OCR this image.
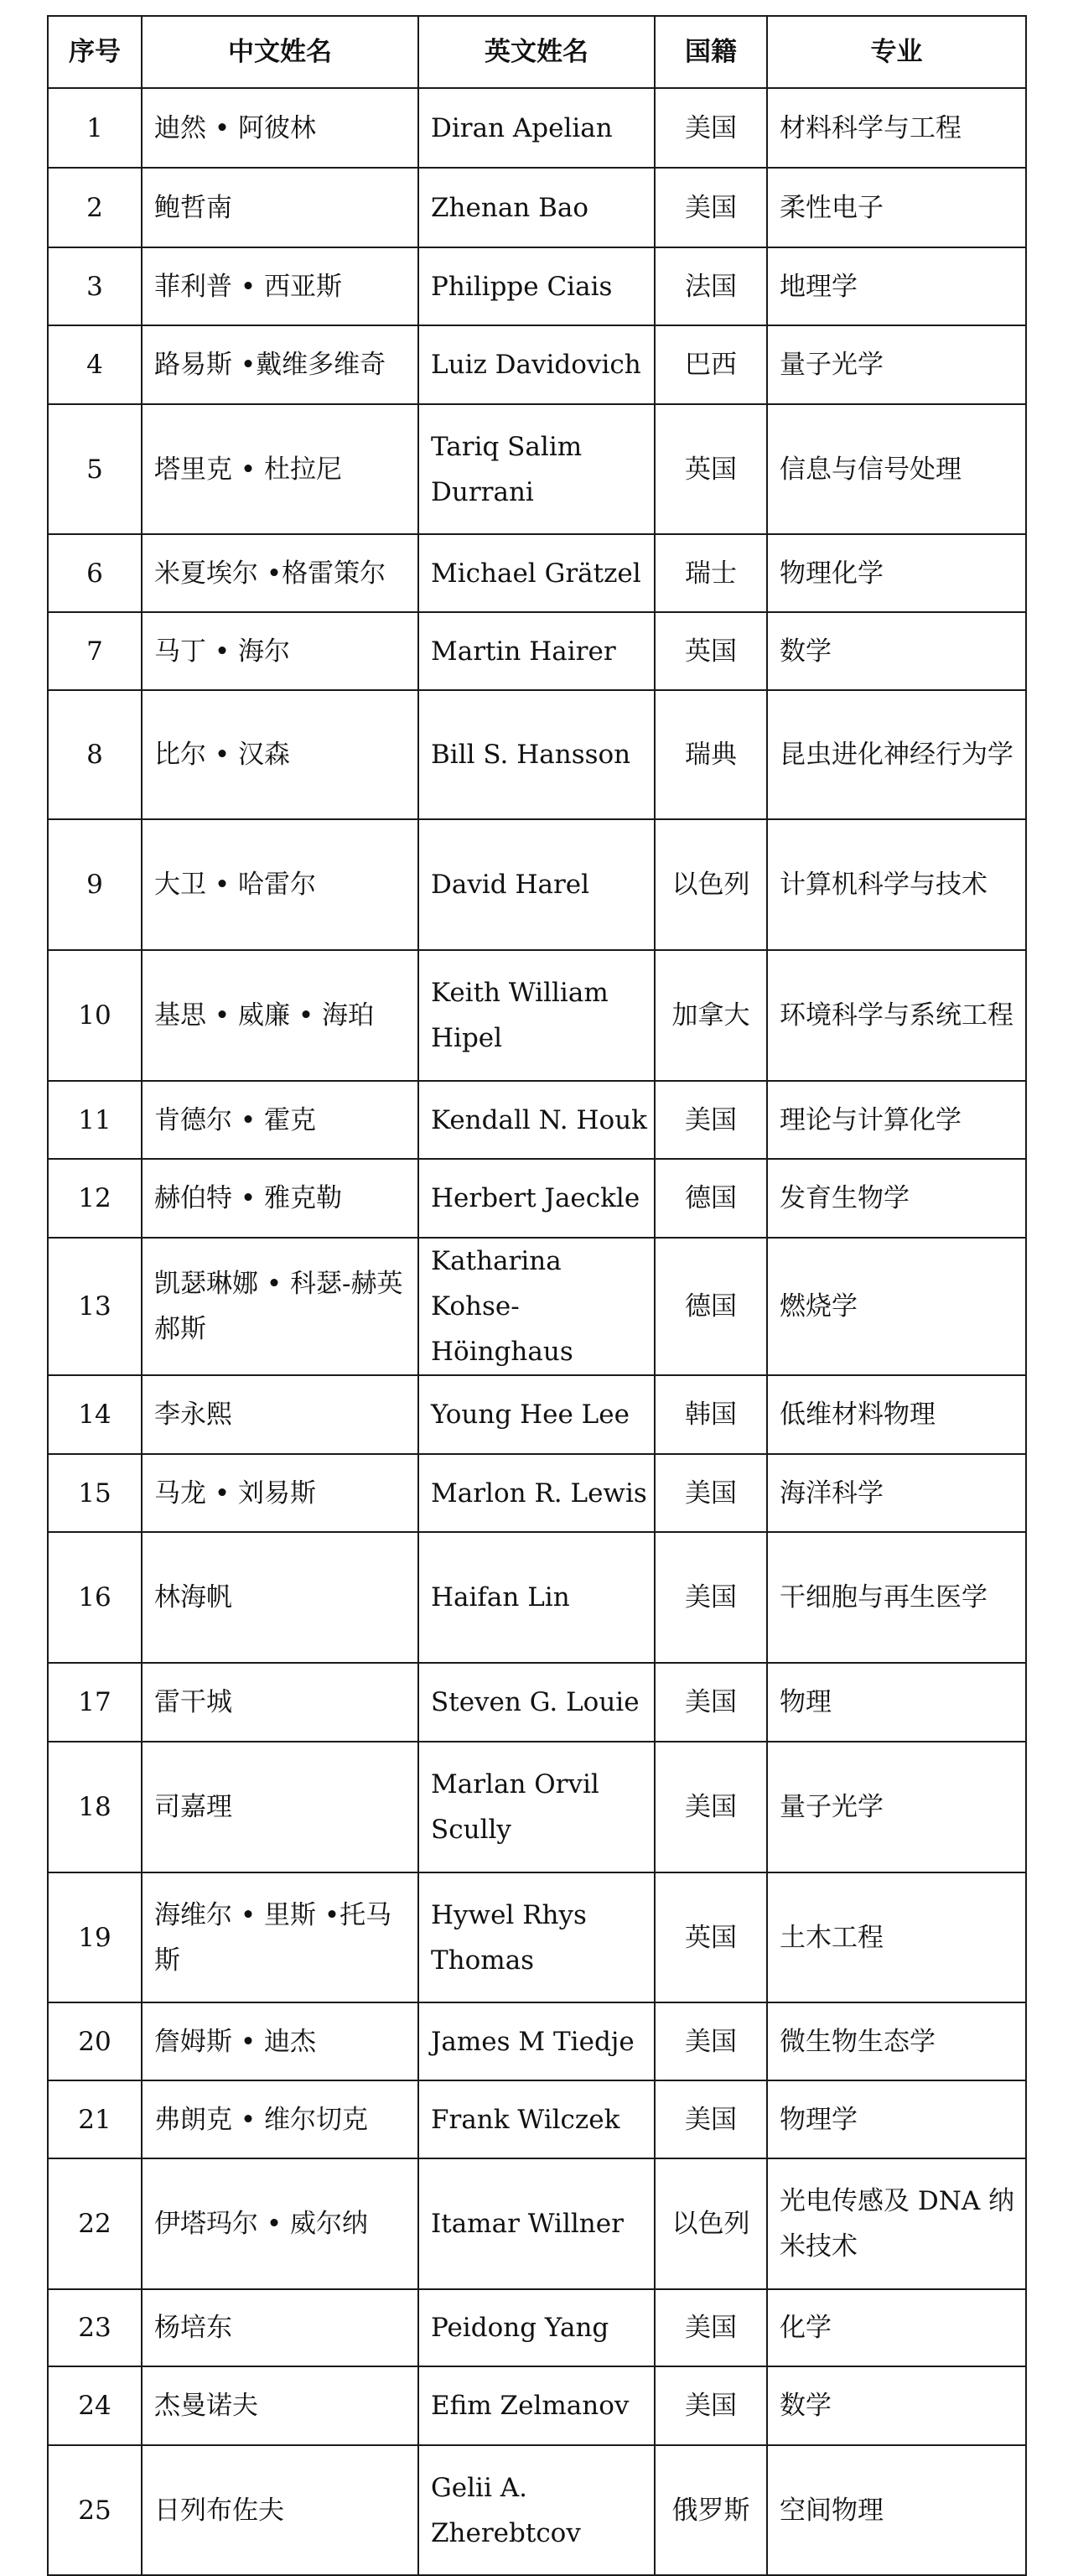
序号	中文姓名	英文姓名	国籍	专业
1	迪然 • 阿彼林	Diran Apelian	美国	材料科学与工程
2	鲍哲南	Zhenan Bao	美国	柔性电子
3	菲利普 • 西亚斯	Philippe Ciais	法国	地理学
4	路易斯 •戴维多维奇	Luiz Davidovich	巴西	量子光学
5	塔里克 • 杜拉尼	Tariq Salim Durrani	英国	信息与信号处理
6	米夏埃尔 •格雷策尔	Michael Grätzel	瑞士	物理化学
7	马丁 • 海尔	Martin Hairer	英国	数学
8	比尔 • 汉森	Bill S. Hansson	瑞典	昆虫进化神经行为学
9	大卫 • 哈雷尔	David Harel	以色列	计算机科学与技术
10	基思 • 威廉 • 海珀	Keith William Hipel	加拿大	环境科学与系统工程
11	肯德尔 • 霍克	Kendall N. Houk	美国	理论与计算化学
12	赫伯特 • 雅克勒	Herbert Jaeckle	德国	发育生物学
13	凯瑟琳娜 • 科瑟-赫英郝斯	Katharina Kohse-Höinghaus	德国	燃烧学
14	李永熙	Young Hee Lee	韩国	低维材料物理
15	马龙 • 刘易斯	Marlon R. Lewis	美国	海洋科学
16	林海帆	Haifan Lin	美国	干细胞与再生医学
17	雷干城	Steven G. Louie	美国	物理
18	司嘉理	Marlan Orvil Scully	美国	量子光学
19	海维尔 • 里斯 •托马斯	Hywel Rhys Thomas	英国	土木工程
20	詹姆斯 • 迪杰	James M Tiedje	美国	微生物生态学
21	弗朗克 • 维尔切克	Frank Wilczek	美国	物理学
22	伊塔玛尔 • 威尔纳	Itamar Willner	以色列	光电传感及 DNA 纳米技术
23	杨培东	Peidong Yang	美国	化学
24	杰曼诺夫	Efim Zelmanov	美国	数学
25	日列布佐夫	Gelii A. Zherebtcov	俄罗斯	空间物理
